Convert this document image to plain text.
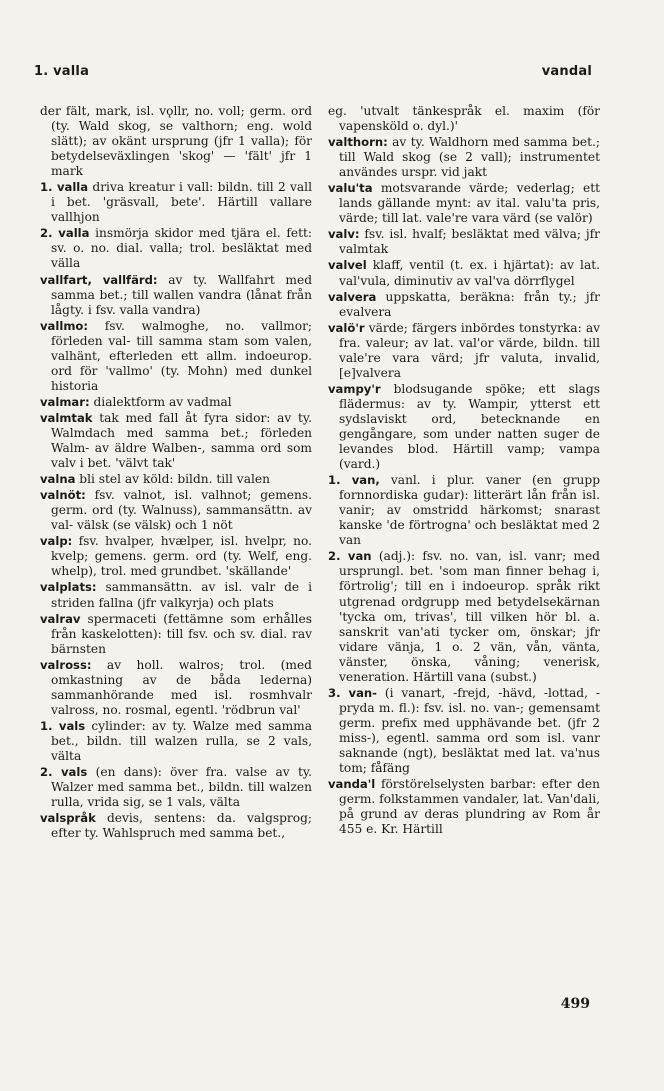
1. valla	vandal
der fält, mark, isl. vǫllr, no. voll; germ. ord (ty. Wald skog, se valthorn; eng. wold slätt); av okänt ursprung (jfr 1 valla); för betydelseväxlingen 'skog' — 'fält' jfr 1 mark
1. valla driva kreatur i vall: bildn. till 2 vall i bet. 'gräsvall, bete'. Härtill vallare vallhjon
2. valla insmörja skidor med tjära el. fett: sv. o. no. dial. valla; trol. besläktat med välla
vallfart, vallfärd: av ty. Wallfahrt med samma bet.; till wallen vandra (lånat från lågty. i fsv. valla vandra)
vallmo: fsv. walmoghe, no. vallmor; förleden val- till samma stam som valen, valhänt, efterleden ett allm. indoeurop. ord för 'vallmo' (ty. Mohn) med dunkel historia
valmar: dialektform av vadmal
valmtak tak med fall åt fyra sidor: av ty. Walmdach med samma bet.; förleden Walm- av äldre Walben-, samma ord som valv i bet. 'välvt tak'
valna bli stel av köld: bildn. till valen
valnöt: fsv. valnot, isl. valhnot; gemens. germ. ord (ty. Walnuss), sammansättn. av val- välsk (se välsk) och 1 nöt
valp: fsv. hvalper, hvælper, isl. hvelpr, no. kvelp; gemens. germ. ord (ty. Welf, eng. whelp), trol. med grundbet. 'skällande'
valplats: sammansättn. av isl. valr de i striden fallna (jfr valkyrja) och plats
valrav spermaceti (fettämne som erhålles från kaskelotten): till fsv. och sv. dial. rav bärnsten
valross: av holl. walros; trol. (med omkastning av de båda lederna) sammanhörande med isl. rosmhvalr valross, no. rosmal, egentl. 'rödbrun val'
1. vals cylinder: av ty. Walze med samma bet., bildn. till walzen rulla, se 2 vals, välta
2. vals (en dans): över fra. valse av ty. Walzer med samma bet., bildn. till walzen rulla, vrida sig, se 1 vals, välta
valspråk devis, sentens: da. valgsprog; efter ty. Wahlspruch med samma bet.,
eg. 'utvalt tänkespråk el. maxim (för vapensköld o. dyl.)'
valthorn: av ty. Waldhorn med samma bet.; till Wald skog (se 2 vall); instrumentet användes urspr. vid jakt
valu'ta motsvarande värde; vederlag; ett lands gällande mynt: av ital. valu'ta pris, värde; till lat. vale're vara värd (se valör)
valv: fsv. isl. hvalf; besläktat med välva; jfr valmtak
valvel klaff, ventil (t. ex. i hjärtat): av lat. val'vula, diminutiv av val'va dörrflygel
valvera uppskatta, beräkna: från ty.; jfr evalvera
valö'r värde; färgers inbördes tonstyrka: av fra. valeur; av lat. val'or värde, bildn. till vale're vara värd; jfr valuta, invalid, [e]valvera
vampy'r blodsugande spöke; ett slags flädermus: av ty. Wampir, ytterst ett sydslaviskt ord, betecknande en gengångare, som under natten suger de levandes blod. Härtill vamp; vampa (vard.)
1. van, vanl. i plur. vaner (en grupp fornnordiska gudar): litterärt lån från isl. vanir; av omstridd härkomst; snarast kanske 'de förtrogna' och besläktat med 2 van
2. van (adj.): fsv. no. van, isl. vanr; med ursprungl. bet. 'som man finner behag i, förtrolig'; till en i indoeurop. språk rikt utgrenad ordgrupp med betydelsekärnan 'tycka om, trivas', till vilken hör bl. a. sanskrit van'ati tycker om, önskar; jfr vidare vänja, 1 o. 2 vän, vån, vänta, vänster, önska, våning; venerisk, veneration. Härtill vana (subst.)
3. van- (i vanart, -frejd, -hävd, -lottad, -pryda m. fl.): fsv. isl. no. van-; gemensamt germ. prefix med upphävande bet. (jfr 2 miss-), egentl. samma ord som isl. vanr saknande (ngt), besläktat med lat. va'nus tom; fåfäng
vanda'l förstörelselysten barbar: efter den germ. folkstammen vandaler, lat. Van'dali, på grund av deras plundring av Rom år 455 e. Kr. Härtill
499
